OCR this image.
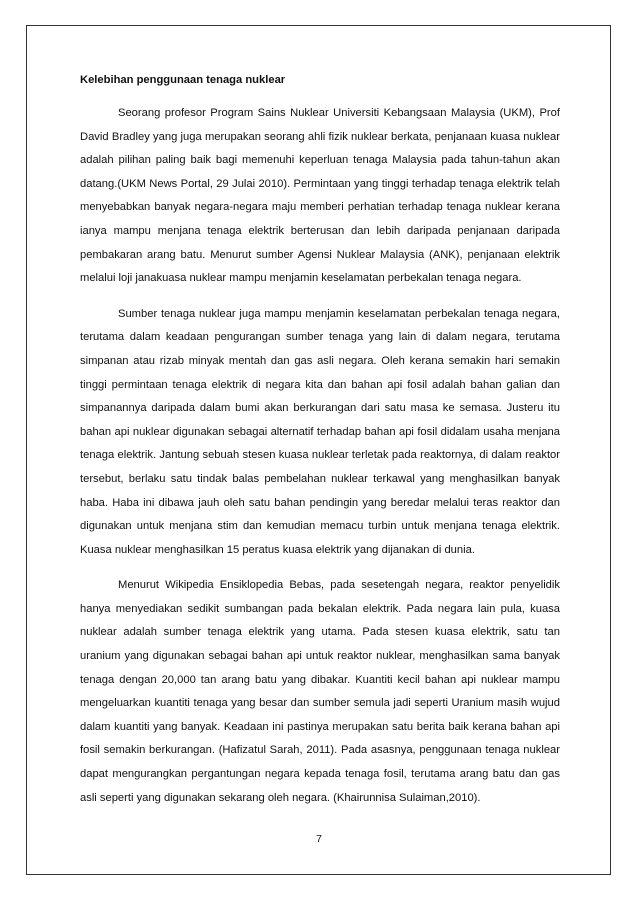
Kelebihan penggunaan tenaga nuklear

Seorang profesor Program Sains Nuklear Universiti Kebangsaan Malaysia (UKM), Prof David Bradley yang juga merupakan seorang ahli fizik nuklear berkata, penjanaan kuasa nuklear adalah pilihan paling baik bagi memenuhi keperluan tenaga Malaysia pada tahun-tahun akan datang.(UKM News Portal, 29 Julai 2010). Permintaan yang tinggi terhadap tenaga elektrik telah menyebabkan banyak negara-negara maju memberi perhatian terhadap tenaga nuklear kerana ianya mampu menjana tenaga elektrik berterusan dan lebih daripada penjanaan daripada pembakaran arang batu. Menurut sumber Agensi Nuklear Malaysia (ANK), penjanaan elektrik melalui loji janakuasa nuklear mampu menjamin keselamatan perbekalan tenaga negara.

Sumber tenaga nuklear juga mampu menjamin keselamatan perbekalan tenaga negara, terutama dalam keadaan pengurangan sumber tenaga yang lain di dalam negara, terutama simpanan atau rizab minyak mentah dan gas asli negara. Oleh kerana semakin hari semakin tinggi permintaan tenaga elektrik di negara kita dan bahan api fosil adalah bahan galian dan simpanannya daripada dalam bumi akan berkurangan dari satu masa ke semasa. Justeru itu bahan api nuklear digunakan sebagai alternatif terhadap bahan api fosil didalam usaha menjana tenaga elektrik. Jantung sebuah stesen kuasa nuklear terletak pada reaktornya, di dalam reaktor tersebut, berlaku satu tindak balas pembelahan nuklear terkawal yang menghasilkan banyak haba. Haba ini dibawa jauh oleh satu bahan pendingin yang beredar melalui teras reaktor dan digunakan untuk menjana stim dan kemudian memacu turbin untuk menjana tenaga elektrik. Kuasa nuklear menghasilkan 15 peratus kuasa elektrik yang dijanakan di dunia.

Menurut Wikipedia Ensiklopedia Bebas, pada sesetengah negara, reaktor penyelidik hanya menyediakan sedikit sumbangan pada bekalan elektrik. Pada negara lain pula, kuasa nuklear adalah sumber tenaga elektrik yang utama. Pada stesen kuasa elektrik, satu tan uranium yang digunakan sebagai bahan api untuk reaktor nuklear, menghasilkan sama banyak tenaga dengan 20,000 tan arang batu yang dibakar. Kuantiti kecil bahan api nuklear mampu mengeluarkan kuantiti tenaga yang besar dan sumber semula jadi seperti Uranium masih wujud dalam kuantiti yang banyak. Keadaan ini pastinya merupakan satu berita baik kerana bahan api fosil semakin berkurangan. (Hafizatul Sarah, 2011). Pada asasnya, penggunaan tenaga nuklear dapat mengurangkan pergantungan negara kepada tenaga fosil, terutama arang batu dan gas asli seperti yang digunakan sekarang oleh negara. (Khairunnisa Sulaiman,2010).

7
